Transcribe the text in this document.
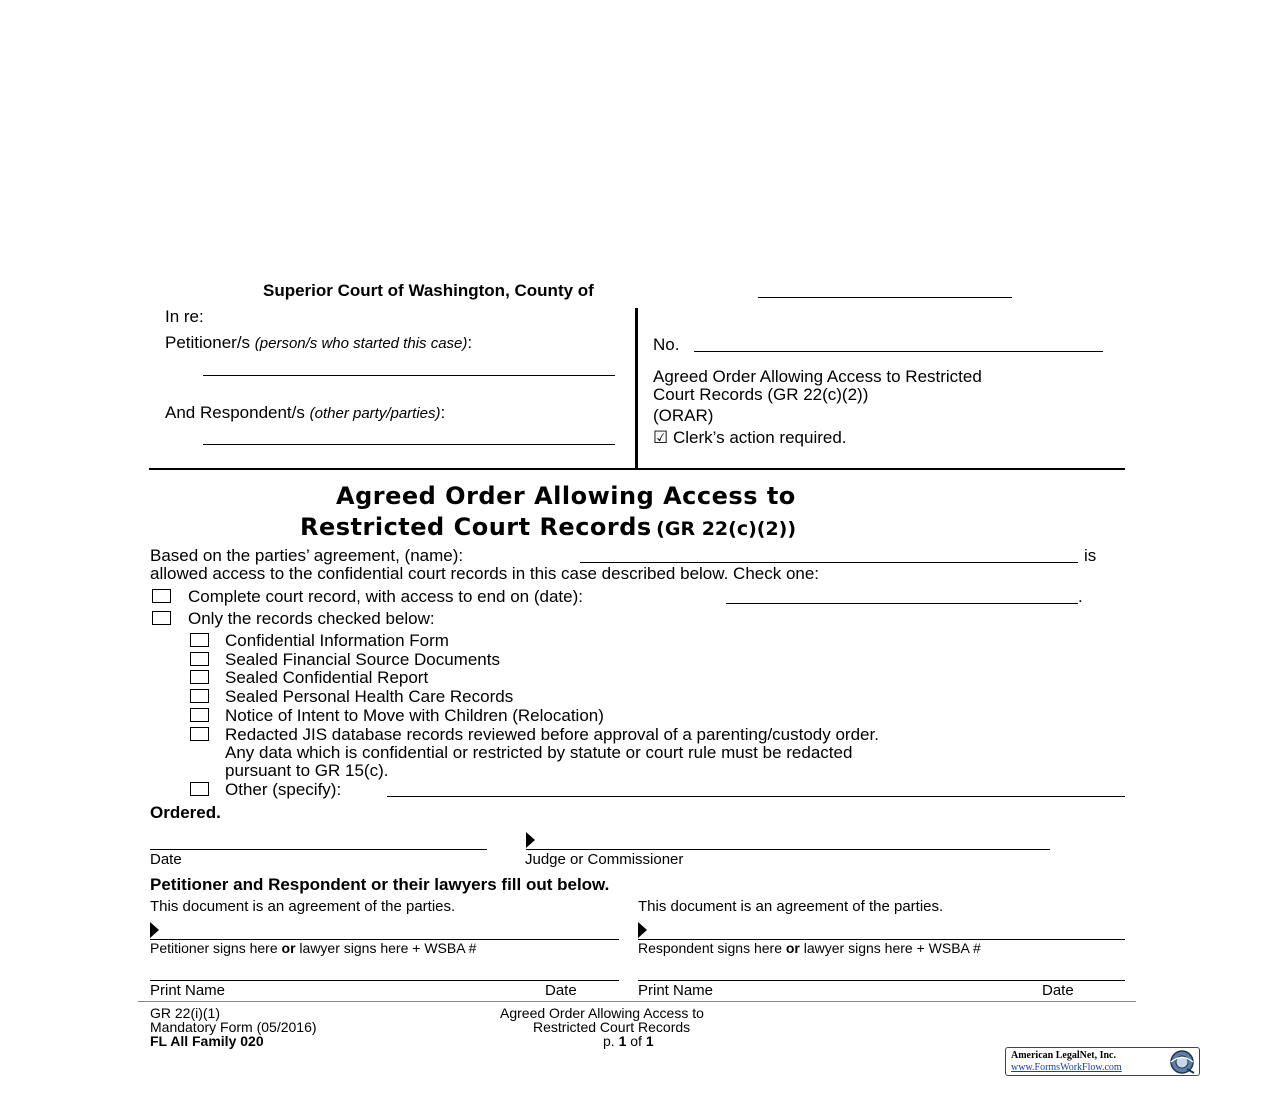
Superior Court of Washington, County of
In re:
Petitioner/s (person/s who started this case):
And Respondent/s (other party/parties):
No.
Agreed Order Allowing Access to Restricted
Court Records (GR 22(c)(2))
(ORAR)
☑ Clerk’s action required.
Agreed Order Allowing Access to
Restricted Court Records (GR 22(c)(2))
Based on the parties’ agreement, (name):	is
allowed access to the confidential court records in this case described below. Check one:
Complete court record, with access to end on (date):	.
Only the records checked below:
Confidential Information Form
Sealed Financial Source Documents
Sealed Confidential Report
Sealed Personal Health Care Records
Notice of Intent to Move with Children (Relocation)
Redacted JIS database records reviewed before approval of a parenting/custody order.
Any data which is confidential or restricted by statute or court rule must be redacted
pursuant to GR 15(c).
Other (specify):
Ordered.
Date	Judge or Commissioner
Petitioner and Respondent or their lawyers fill out below.
This document is an agreement of the parties.	This document is an agreement of the parties.
Petitioner signs here or lawyer signs here + WSBA #	Respondent signs here or lawyer signs here + WSBA #
Print Name	Date	Print Name	Date
GR 22(i)(1)
Mandatory Form (05/2016)
FL All Family 020
Agreed Order Allowing Access to
Restricted Court Records
p. 1 of 1
American LegalNet, Inc.
www.FormsWorkFlow.com
